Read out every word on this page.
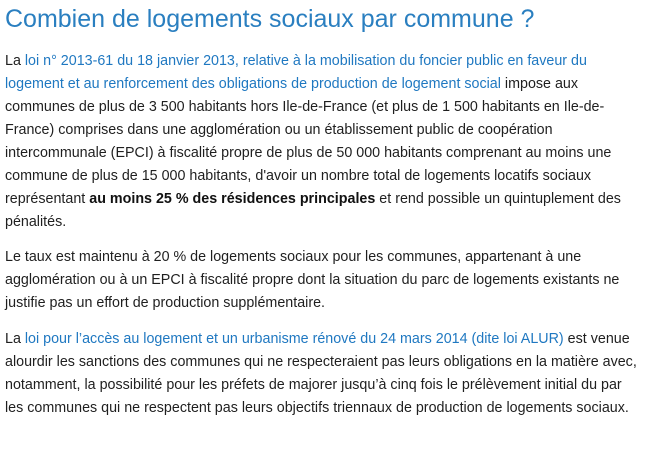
Combien de logements sociaux par commune ?

La loi n° 2013-61 du 18 janvier 2013, relative à la mobilisation du foncier public en faveur du logement et au renforcement des obligations de production de logement social impose aux communes de plus de 3 500 habitants hors Ile-de-France (et plus de 1 500 habitants en Ile-de-France) comprises dans une agglomération ou un établissement public de coopération intercommunale (EPCI) à fiscalité propre de plus de 50 000 habitants comprenant au moins une commune de plus de 15 000 habitants, d'avoir un nombre total de logements locatifs sociaux représentant au moins 25 % des résidences principales et rend possible un quintuplement des pénalités.

Le taux est maintenu à 20 % de logements sociaux pour les communes, appartenant à une agglomération ou à un EPCI à fiscalité propre dont la situation du parc de logements existants ne justifie pas un effort de production supplémentaire.

La loi pour l’accès au logement et un urbanisme rénové du 24 mars 2014 (dite loi ALUR) est venue alourdir les sanctions des communes qui ne respecteraient pas leurs obligations en la matière avec, notamment, la possibilité pour les préfets de majorer jusqu’à cinq fois le prélèvement initial du par les communes qui ne respectent pas leurs objectifs triennaux de production de logements sociaux.
